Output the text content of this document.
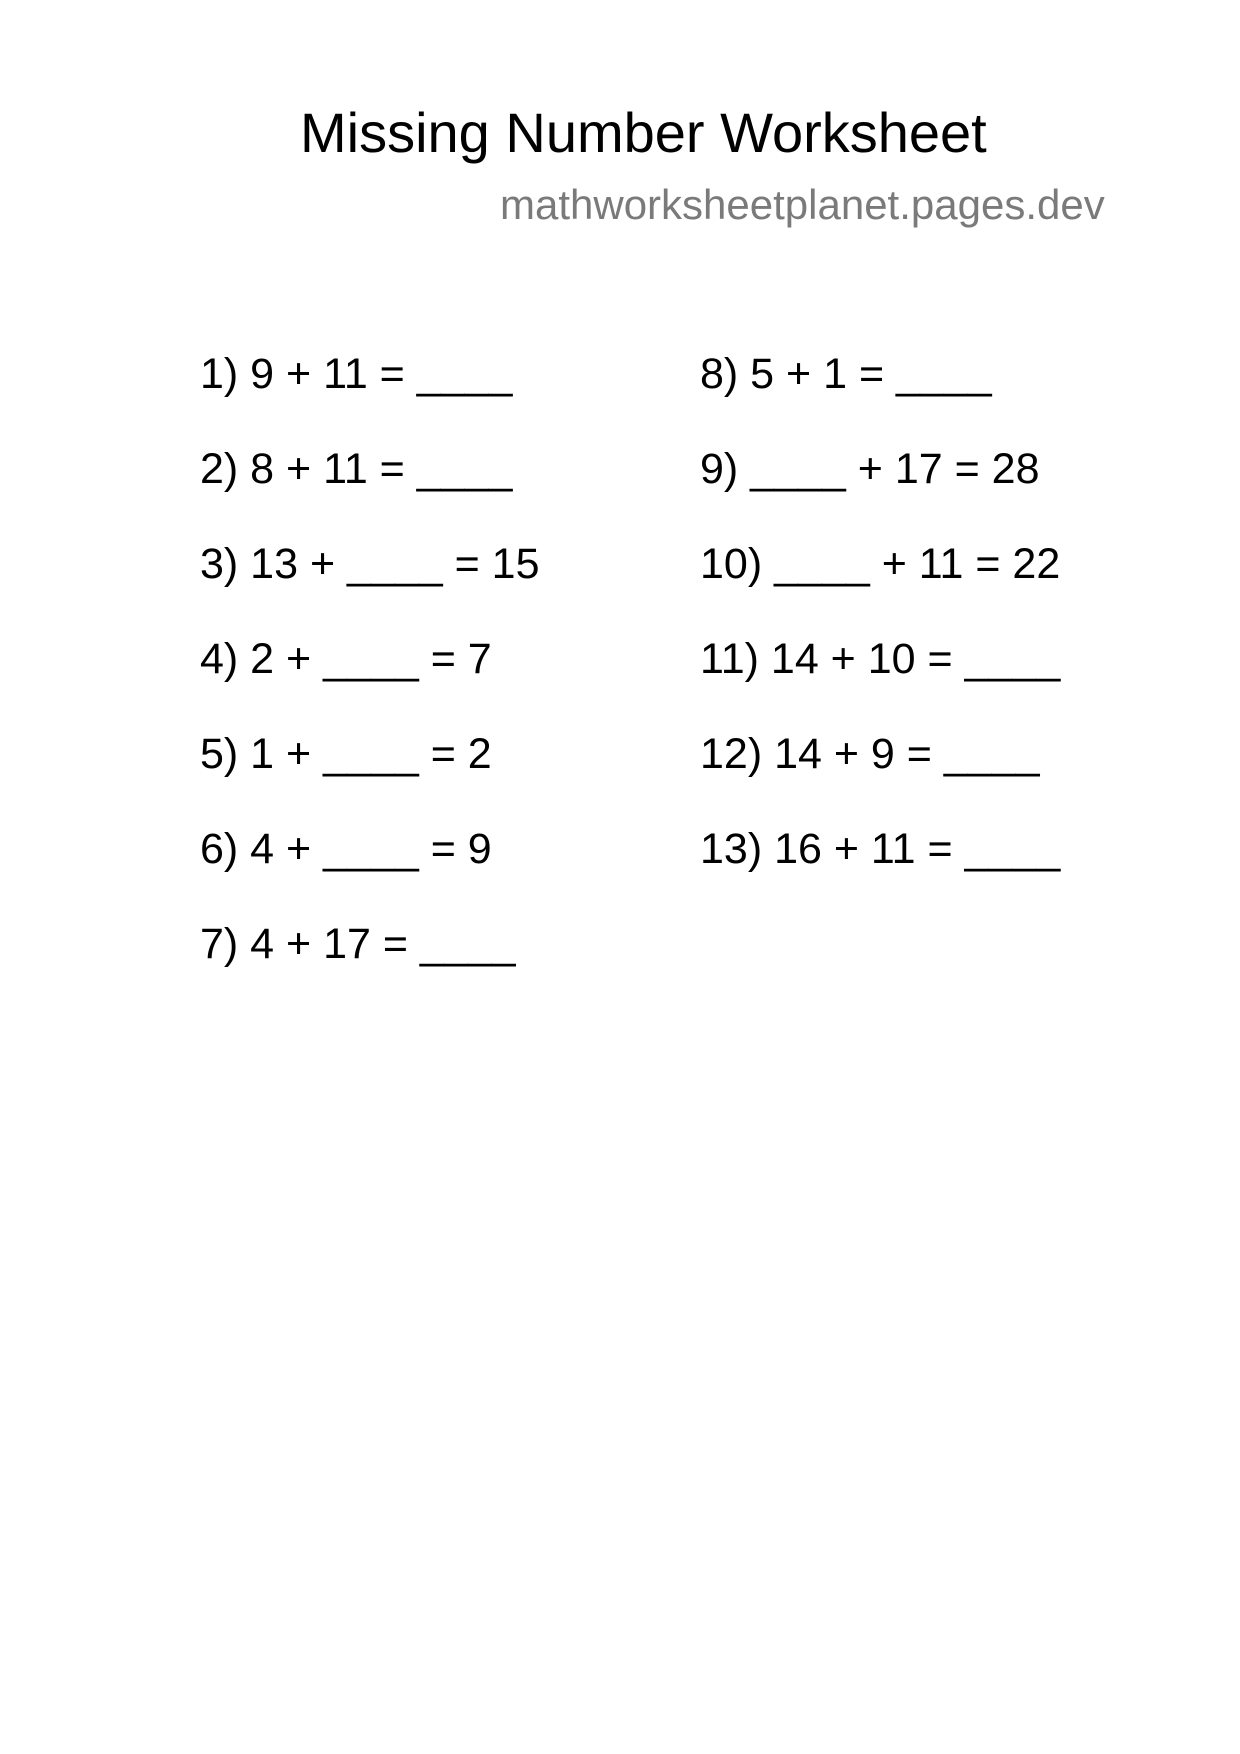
Missing Number Worksheet
mathworksheetplanet.pages.dev
1) 9 + 11 = ____
2) 8 + 11 = ____
3) 13 + ____ = 15
4) 2 + ____ = 7
5) 1 + ____ = 2
6) 4 + ____ = 9
7) 4 + 17 = ____
8) 5 + 1 = ____
9) ____ + 17 = 28
10) ____ + 11 = 22
11) 14 + 10 = ____
12) 14 + 9 = ____
13) 16 + 11 = ____
